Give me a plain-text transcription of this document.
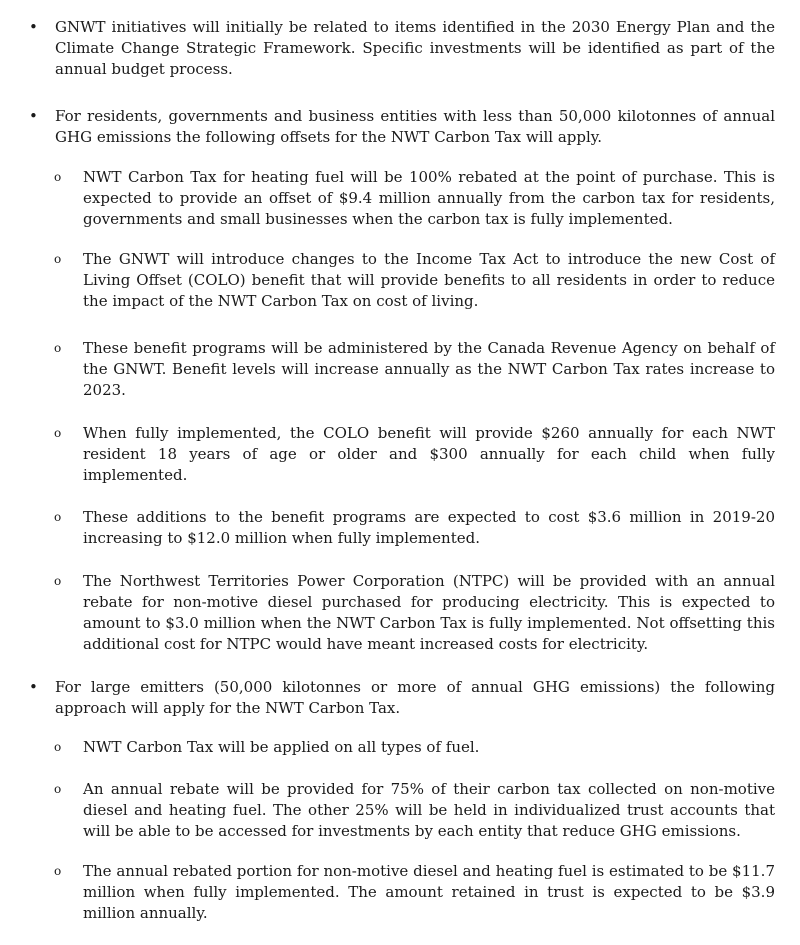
• GNWT initiatives will initially be related to items identified in the 2030 Energy Plan and the Climate Change Strategic Framework. Specific investments will be identified as part of the annual budget process.
• For residents, governments and business entities with less than 50,000 kilotonnes of annual GHG emissions the following offsets for the NWT Carbon Tax will apply.
o NWT Carbon Tax for heating fuel will be 100% rebated at the point of purchase. This is expected to provide an offset of $9.4 million annually from the carbon tax for residents, governments and small businesses when the carbon tax is fully implemented.
o The GNWT will introduce changes to the Income Tax Act to introduce the new Cost of Living Offset (COLO) benefit that will provide benefits to all residents in order to reduce the impact of the NWT Carbon Tax on cost of living.
o These benefit programs will be administered by the Canada Revenue Agency on behalf of the GNWT. Benefit levels will increase annually as the NWT Carbon Tax rates increase to 2023.
o When fully implemented, the COLO benefit will provide $260 annually for each NWT resident 18 years of age or older and $300 annually for each child when fully implemented.
o These additions to the benefit programs are expected to cost $3.6 million in 2019-20 increasing to $12.0 million when fully implemented.
o The Northwest Territories Power Corporation (NTPC) will be provided with an annual rebate for non-motive diesel purchased for producing electricity. This is expected to amount to $3.0 million when the NWT Carbon Tax is fully implemented. Not offsetting this additional cost for NTPC would have meant increased costs for electricity.
• For large emitters (50,000 kilotonnes or more of annual GHG emissions) the following approach will apply for the NWT Carbon Tax.
o NWT Carbon Tax will be applied on all types of fuel.
o An annual rebate will be provided for 75% of their carbon tax collected on non-motive diesel and heating fuel. The other 25% will be held in individualized trust accounts that will be able to be accessed for investments by each entity that reduce GHG emissions.
o The annual rebated portion for non-motive diesel and heating fuel is estimated to be $11.7 million when fully implemented. The amount retained in trust is expected to be $3.9 million annually.
